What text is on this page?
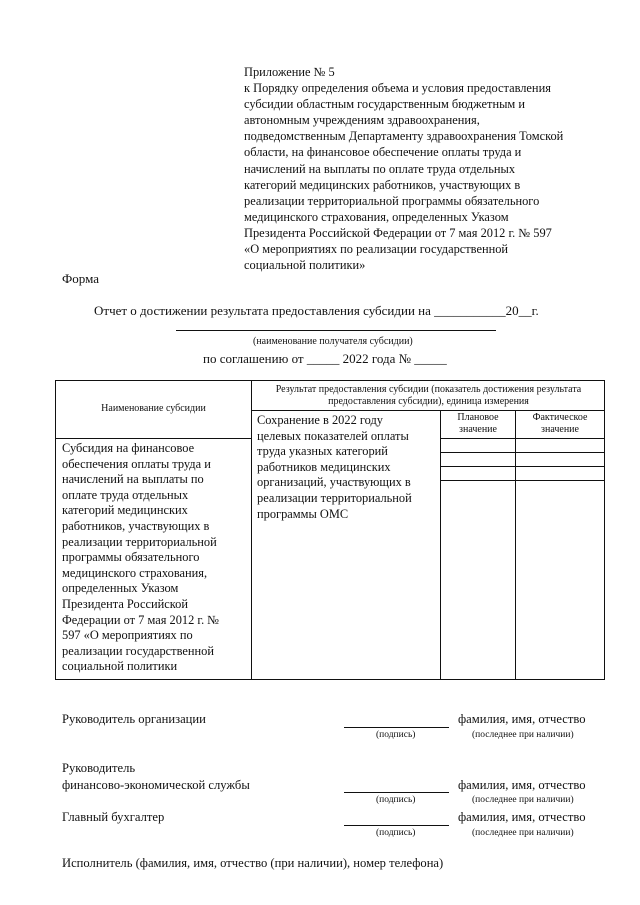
Приложение № 5
к Порядку определения объема и условия предоставления
субсидии областным государственным бюджетным и
автономным учреждениям здравоохранения,
подведомственным Департаменту здравоохранения Томской
области, на финансовое обеспечение оплаты труда и
начислений на выплаты по оплате труда отдельных
категорий медицинских работников, участвующих в
реализации территориальной программы обязательного
медицинского страхования, определенных Указом
Президента Российской Федерации от 7 мая 2012 г. № 597
«О мероприятиях по реализации государственной
социальной политики»
Форма
Отчет о достижении результата предоставления субсидии на ___________20__г.
(наименование получателя субсидии)
по соглашению от _____ 2022 года № _____
Наименование субсидии
Результат предоставления субсидии (показатель достижения результата предоставления субсидии), единица измерения
Плановое значение
Фактическое значение
Субсидия на финансовое
обеспечения оплаты труда и
начислений на выплаты по
оплате труда отдельных
категорий медицинских
работников, участвующих в
реализации территориальной
программы обязательного
медицинского страхования,
определенных Указом
Президента Российской
Федерации от 7 мая 2012 г. №
597 «О мероприятиях по
реализации государственной
социальной политики
Сохранение в 2022 году
целевых показателей оплаты
труда указных категорий
работников медицинских
организаций, участвующих в
реализации территориальной
программы ОМС
Руководитель организации
(подпись)
фамилия, имя, отчество
(последнее при наличии)
Руководитель
финансово-экономической службы
(подпись)
фамилия, имя, отчество
(последнее при наличии)
Главный бухгалтер
(подпись)
фамилия, имя, отчество
(последнее при наличии)
Исполнитель (фамилия, имя, отчество (при наличии), номер телефона)
